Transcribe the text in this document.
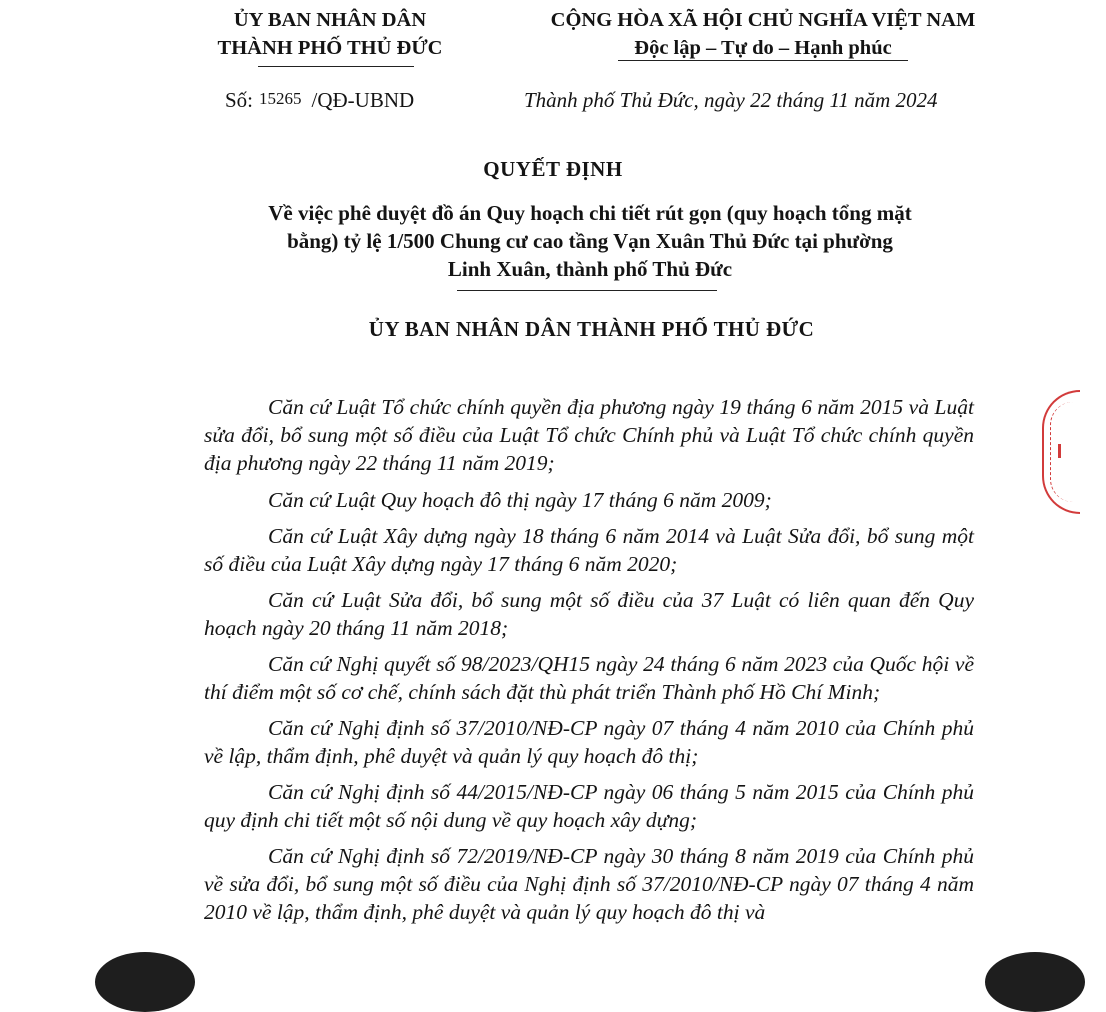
ỦY BAN NHÂN DÂN
THÀNH PHỐ THỦ ĐỨC
CỘNG HÒA XÃ HỘI CHỦ NGHĨA VIỆT NAM
Độc lập – Tự do – Hạnh phúc
Số: 15265 /QĐ-UBND	Thành phố Thủ Đức, ngày 22 tháng 11 năm 2024
QUYẾT ĐỊNH
Về việc phê duyệt đồ án Quy hoạch chi tiết rút gọn (quy hoạch tổng mặt
bằng) tỷ lệ 1/500 Chung cư cao tầng Vạn Xuân Thủ Đức tại phường
Linh Xuân, thành phố Thủ Đức
ỦY BAN NHÂN DÂN THÀNH PHỐ THỦ ĐỨC

Căn cứ Luật Tổ chức chính quyền địa phương ngày 19 tháng 6 năm 2015 và Luật sửa đổi, bổ sung một số điều của Luật Tổ chức Chính phủ và Luật Tổ chức chính quyền địa phương ngày 22 tháng 11 năm 2019;

Căn cứ Luật Quy hoạch đô thị ngày 17 tháng 6 năm 2009;

Căn cứ Luật Xây dựng ngày 18 tháng 6 năm 2014 và Luật Sửa đổi, bổ sung một số điều của Luật Xây dựng ngày 17 tháng 6 năm 2020;

Căn cứ Luật Sửa đổi, bổ sung một số điều của 37 Luật có liên quan đến Quy hoạch ngày 20 tháng 11 năm 2018;

Căn cứ Nghị quyết số 98/2023/QH15 ngày 24 tháng 6 năm 2023 của Quốc hội về thí điểm một số cơ chế, chính sách đặt thù phát triển Thành phố Hồ Chí Minh;

Căn cứ Nghị định số 37/2010/NĐ-CP ngày 07 tháng 4 năm 2010 của Chính phủ về lập, thẩm định, phê duyệt và quản lý quy hoạch đô thị;

Căn cứ Nghị định số 44/2015/NĐ-CP ngày 06 tháng 5 năm 2015 của Chính phủ quy định chi tiết một số nội dung về quy hoạch xây dựng;

Căn cứ Nghị định số 72/2019/NĐ-CP ngày 30 tháng 8 năm 2019 của Chính phủ về sửa đổi, bổ sung một số điều của Nghị định số 37/2010/NĐ-CP ngày 07 tháng 4 năm 2010 về lập, thẩm định, phê duyệt và quản lý quy hoạch đô thị và
